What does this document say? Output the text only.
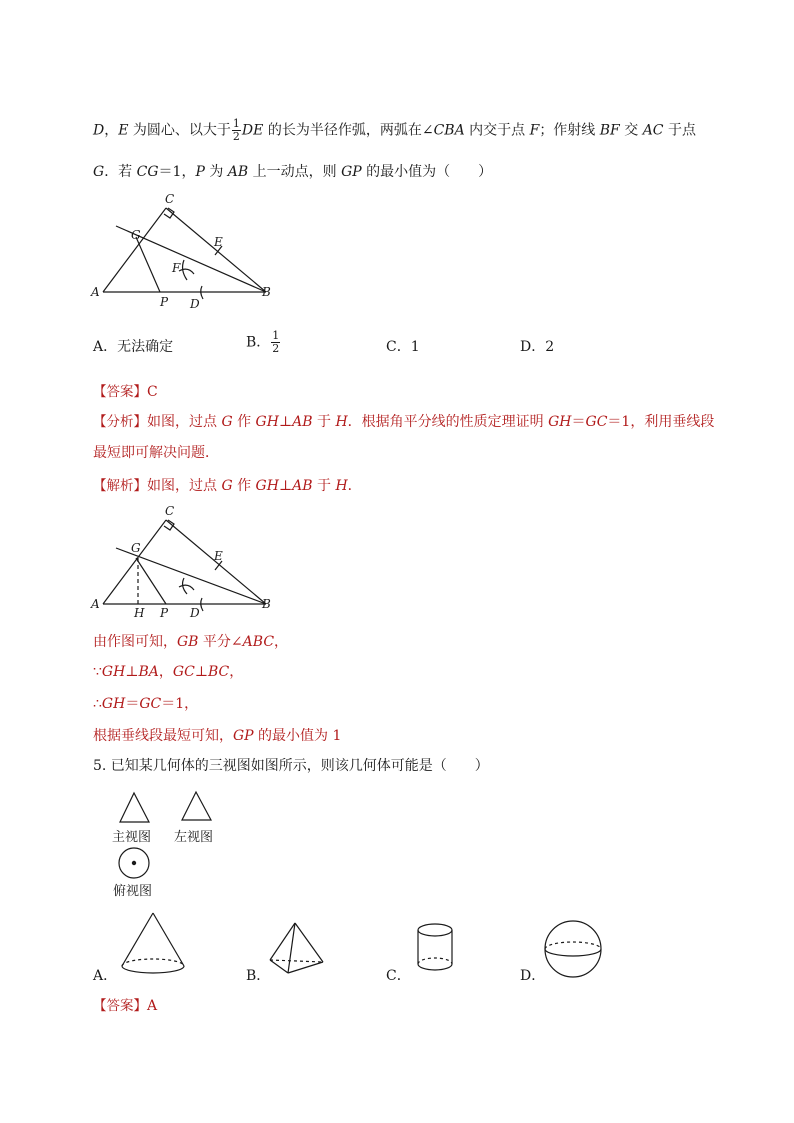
D，E 为圆心、以大于 $\frac{1}{2}$ DE 的长为半径作弧，两弧在∠CBA 内交于点 F；作射线 BF 交 AC 于点
G．若 CG＝1，P 为 AB 上一动点，则 GP 的最小值为（　　）
A	B
C
D
E
F
G
P
A．无法确定	B． $\frac{1}{2}$	C．1	D．2
【答案】C
【分析】如图，过点 G 作 GH⊥AB 于 H．根据角平分线的性质定理证明 GH＝GC＝1，利用垂线段
最短即可解决问题．
【解析】如图，过点 G 作 GH⊥AB 于 H．
A	B
C
D
E
G
H P
由作图可知，GB 平分∠ABC，
∵GH⊥BA，GC⊥BC，
∴GH＝GC＝1，
根据垂线段最短可知，GP 的最小值为 1
5. 已知某几何体的三视图如图所示，则该几何体可能是（　　）
主视图 左视图
俯视图
A．	B．	C．	D．
【答案】A
